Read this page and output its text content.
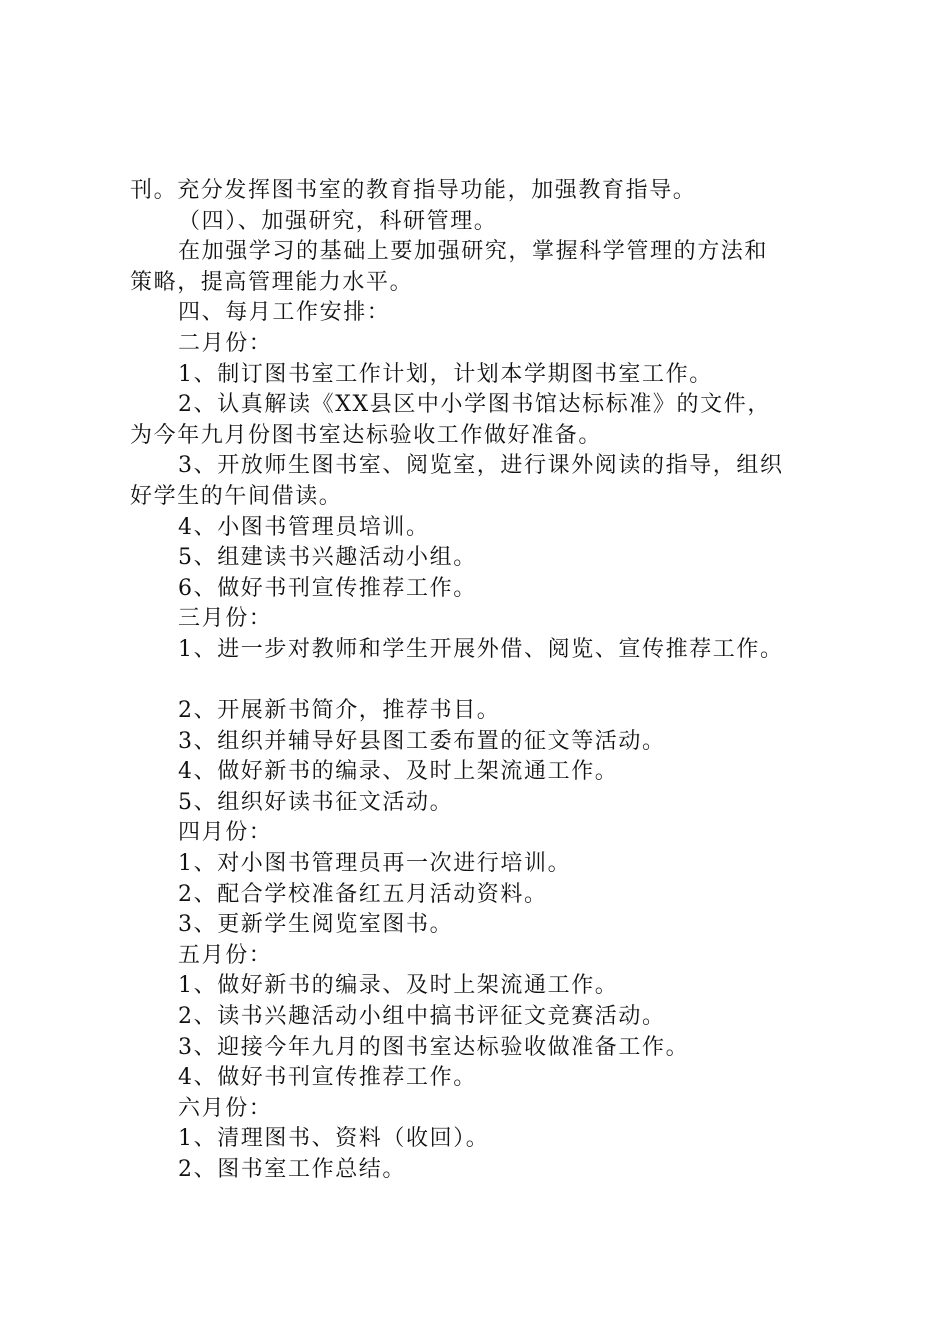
刊。充分发挥图书室的教育指导功能，加强教育指导。
（四）、加强研究，科研管理。
在加强学习的基础上要加强研究，掌握科学管理的方法和
策略，提高管理能力水平。
四、每月工作安排：
二月份：
1、制订图书室工作计划，计划本学期图书室工作。
2、认真解读《XX县区中小学图书馆达标标准》的文件，
为今年九月份图书室达标验收工作做好准备。
3、开放师生图书室、阅览室，进行课外阅读的指导，组织
好学生的午间借读。
4、小图书管理员培训。
5、组建读书兴趣活动小组。
6、做好书刊宣传推荐工作。
三月份：
1、进一步对教师和学生开展外借、阅览、宣传推荐工作。
2、开展新书简介，推荐书目。
3、组织并辅导好县图工委布置的征文等活动。
4、做好新书的编录、及时上架流通工作。
5、组织好读书征文活动。
四月份：
1、对小图书管理员再一次进行培训。
2、配合学校准备红五月活动资料。
3、更新学生阅览室图书。
五月份：
1、做好新书的编录、及时上架流通工作。
2、读书兴趣活动小组中搞书评征文竞赛活动。
3、迎接今年九月的图书室达标验收做准备工作。
4、做好书刊宣传推荐工作。
六月份：
1、清理图书、资料（收回）。
2、图书室工作总结。
